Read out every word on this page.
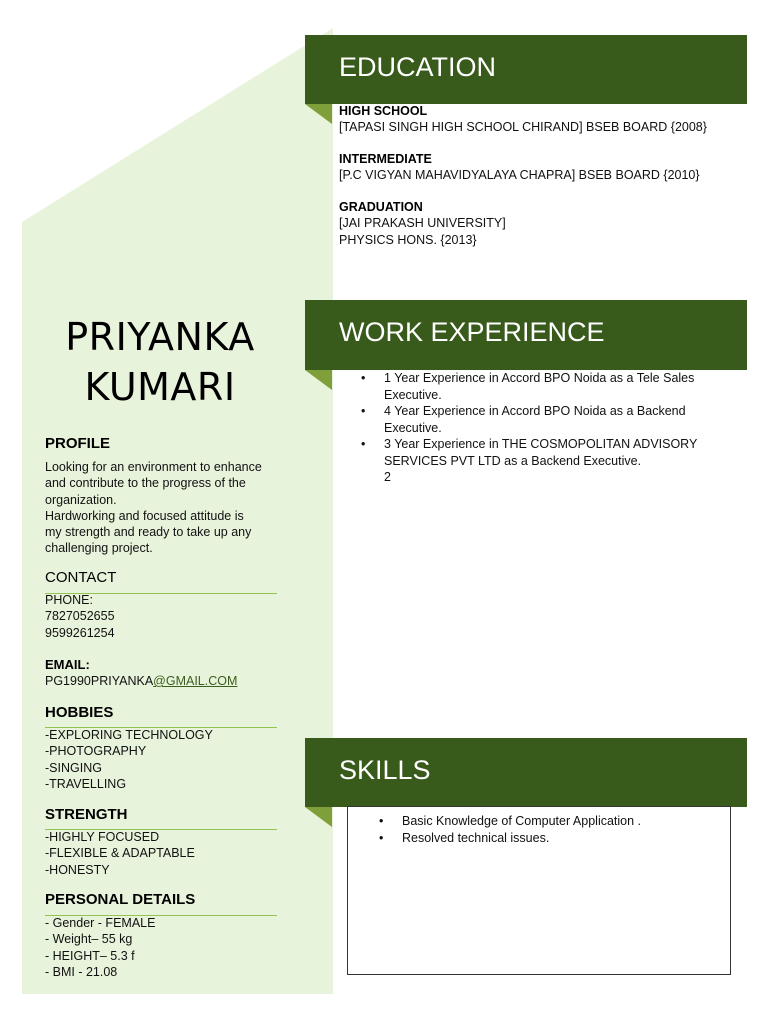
PRIYANKA
KUMARI
PROFILE
Looking for an environment to enhance
and contribute to the progress of the
organization.
Hardworking and focused attitude is
my strength and ready to take up any
challenging project.
CONTACT
PHONE:
7827052655
9599261254
EMAIL:
PG1990PRIYANKA@GMAIL.COM
HOBBIES
-EXPLORING TECHNOLOGY
-PHOTOGRAPHY
-SINGING
-TRAVELLING
STRENGTH
-HIGHLY FOCUSED
-FLEXIBLE & ADAPTABLE
-HONESTY
PERSONAL DETAILS
- Gender - FEMALE
- Weight– 55 kg
- HEIGHT– 5.3 f
- BMI - 21.08
EDUCATION
HIGH SCHOOL
[TAPASI SINGH HIGH SCHOOL CHIRAND] BSEB BOARD {2008}
INTERMEDIATE
[P.C VIGYAN MAHAVIDYALAYA CHAPRA] BSEB BOARD {2010}
GRADUATION
[JAI PRAKASH UNIVERSITY]
PHYSICS HONS. {2013}
WORK EXPERIENCE
• 1 Year Experience in Accord BPO Noida as a Tele Sales
Executive.
• 4 Year Experience in Accord BPO Noida as a Backend
Executive.
• 3 Year Experience in THE COSMOPOLITAN ADVISORY
SERVICES PVT LTD as a Backend Executive.
2
SKILLS
• Basic Knowledge of Computer Application .
• Resolved technical issues.
